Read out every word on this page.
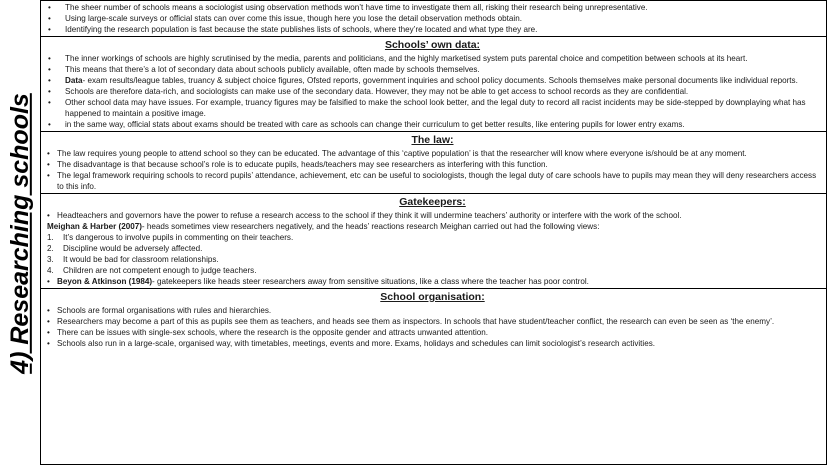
4) Researching schools
• The sheer number of schools means a sociologist using observation methods won’t have time to investigate them all, risking their research being unrepresentative.
• Using large-scale surveys or official stats can over come this issue, though here you lose the detail observation methods obtain.
• Identifying the research population is fast because the state publishes lists of schools, where they’re located and what type they are.
Schools’ own data:
• The inner workings of schools are highly scrutinised by the media, parents and politicians, and the highly marketised system puts parental choice and competition between schools at its heart.
• This means that there’s a lot of secondary data about schools publicly available, often made by schools themselves.
• Data- exam results/league tables, truancy & subject choice figures, Ofsted reports, government inquiries and school policy documents. Schools themselves make personal documents like individual reports.
• Schools are therefore data-rich, and sociologists can make use of the secondary data. However, they may not be able to get access to school records as they are confidential.
• Other school data may have issues. For example, truancy figures may be falsified to make the school look better, and the legal duty to record all racist incidents may be side-stepped by downplaying what has happened to maintain a positive image.
• in the same way, official stats about exams should be treated with care as schools can change their curriculum to get better results, like entering pupils for lower entry exams.
The law:
• The law requires young people to attend school so they can be educated. The advantage of this ‘captive population’ is that the researcher will know where everyone is/should be at any moment.
• The disadvantage is that because school’s role is to educate pupils, heads/teachers may see researchers as interfering with this function.
• The legal framework requiring schools to record pupils’ attendance, achievement, etc can be useful to sociologists, though the legal duty of care schools have to pupils may mean they will deny researchers access to this info.
Gatekeepers:
• Headteachers and governors have the power to refuse a research access to the school if they think it will undermine teachers’ authority or interfere with the work of the school.
Meighan & Harber (2007)- heads sometimes view researchers negatively, and the heads’ reactions research Meighan carried out had the following views:
1. It’s dangerous to involve pupils in commenting on their teachers.
2. Discipline would be adversely affected.
3. It would be bad for classroom relationships.
4. Children are not competent enough to judge teachers.
• Beyon & Atkinson (1984)- gatekeepers like heads steer researchers away from sensitive situations, like a class where the teacher has poor control.
School organisation:
• Schools are formal organisations with rules and hierarchies.
• Researchers may become a part of this as pupils see them as teachers, and heads see them as inspectors. In schools that have student/teacher conflict, the research can even be seen as ‘the enemy’.
• There can be issues with single-sex schools, where the research is the opposite gender and attracts unwanted attention.
• Schools also run in a large-scale, organised way, with timetables, meetings, events and more. Exams, holidays and schedules can limit sociologist’s research activities.
